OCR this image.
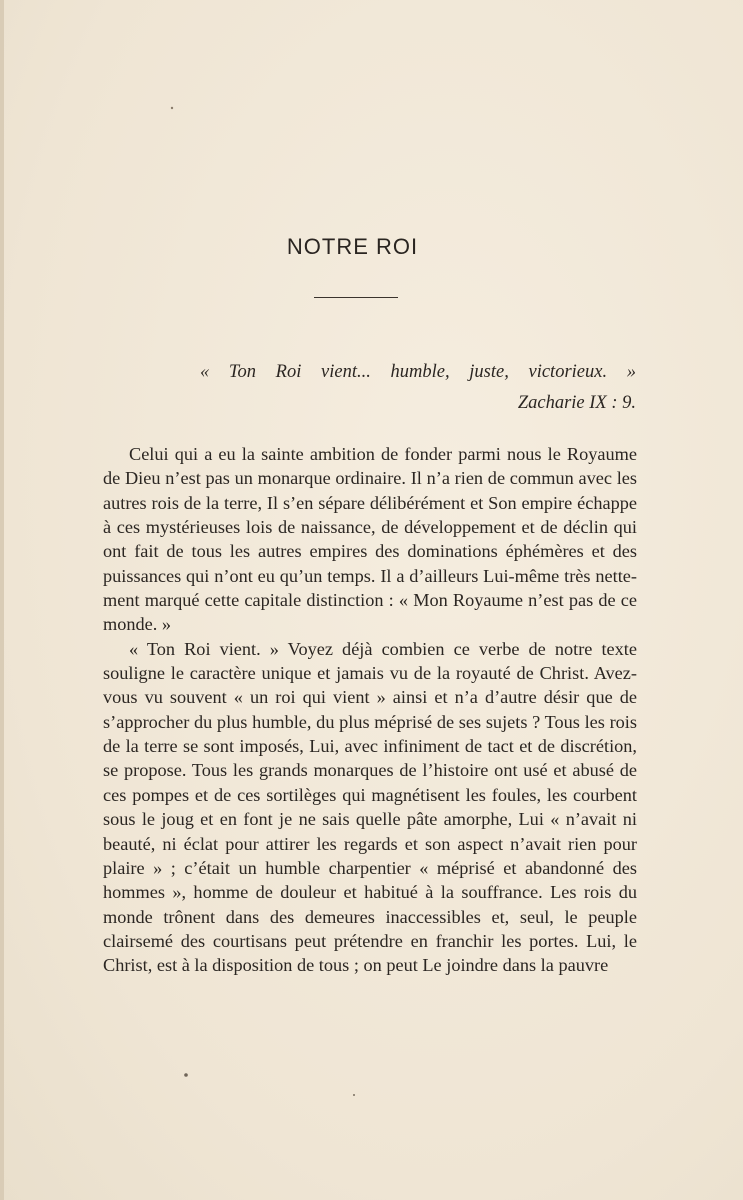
NOTRE ROI
« Ton Roi vient... humble, juste, victorieux. »
Zacharie IX : 9.

Celui qui a eu la sainte ambition de fonder parmi nous le Royaume de Dieu n’est pas un monarque ordinaire. Il n’a rien de commun avec les autres rois de la terre, Il s’en sépare délibérément et Son empire échappe à ces mystérieuses lois de naissance, de développement et de déclin qui ont fait de tous les autres empires des dominations éphémères et des puissances qui n’ont eu qu’un temps. Il a d’ailleurs Lui-même très nettement marqué cette capitale distinction : « Mon Royaume n’est pas de ce monde. »

« Ton Roi vient. » Voyez déjà combien ce verbe de notre texte souligne le caractère unique et jamais vu de la royauté de Christ. Avez-vous vu souvent « un roi qui vient » ainsi et n’a d’autre désir que de s’approcher du plus humble, du plus méprisé de ses sujets ? Tous les rois de la terre se sont imposés, Lui, avec infiniment de tact et de discrétion, se propose. Tous les grands monarques de l’histoire ont usé et abusé de ces pompes et de ces sortilèges qui magnétisent les foules, les courbent sous le joug et en font je ne sais quelle pâte amorphe, Lui « n’avait ni beauté, ni éclat pour attirer les regards et son aspect n’avait rien pour plaire » ; c’était un humble charpentier « méprisé et abandonné des hommes », homme de douleur et habitué à la souffrance. Les rois du monde trônent dans des demeures inaccessibles et, seul, le peuple clairsemé des courtisans peut prétendre en franchir les portes. Lui, le Christ, est à la disposition de tous ; on peut Le joindre dans la pauvre
